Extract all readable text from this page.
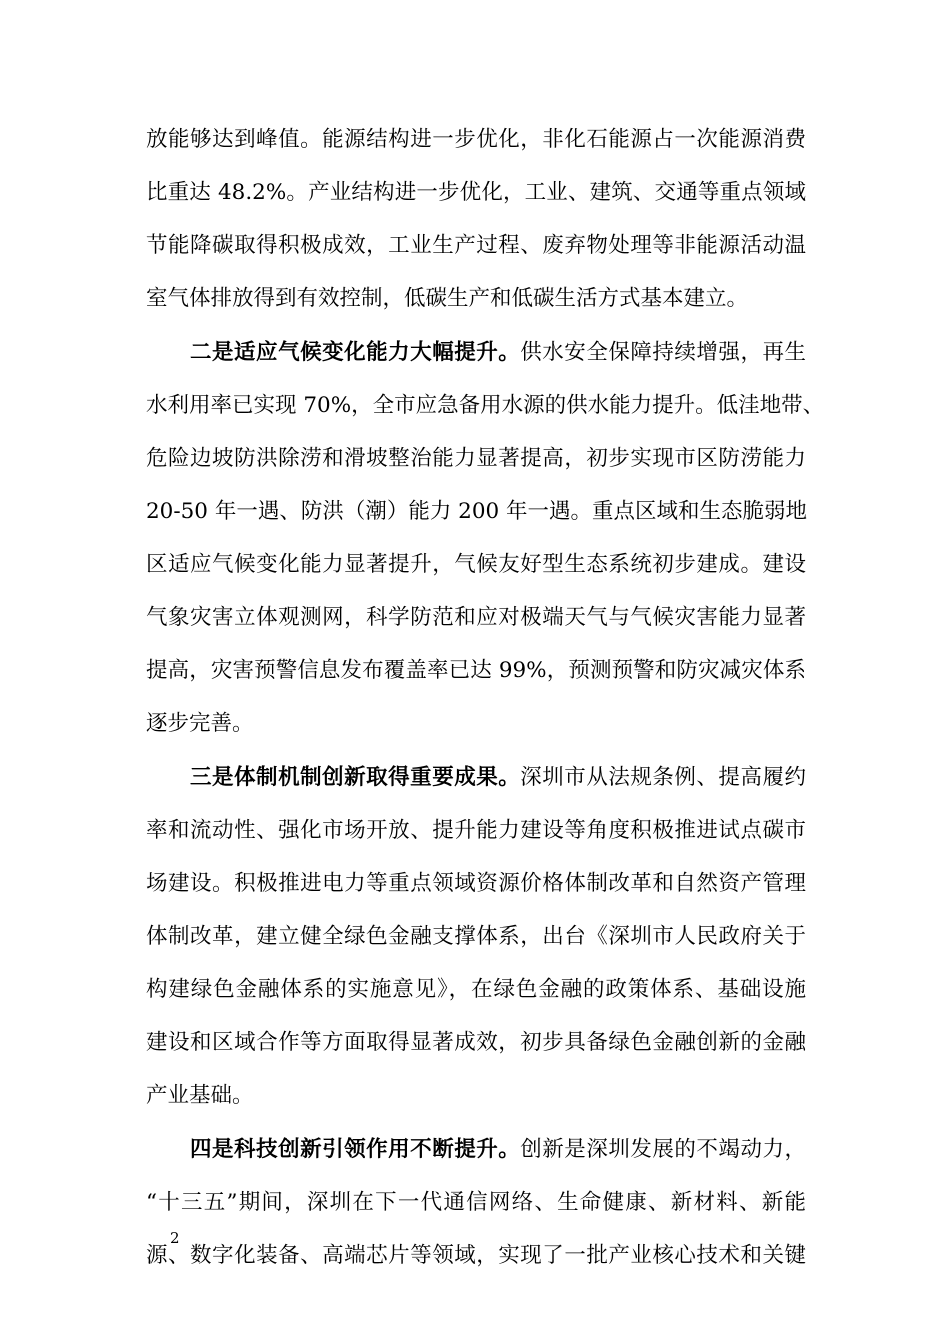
放能够达到峰值。能源结构进一步优化，非化石能源占一次能源消费
比重达 48.2%。产业结构进一步优化，工业、建筑、交通等重点领域
节能降碳取得积极成效，工业生产过程、废弃物处理等非能源活动温
室气体排放得到有效控制，低碳生产和低碳生活方式基本建立。
二是适应气候变化能力大幅提升。供水安全保障持续增强，再生
水利用率已实现 70%，全市应急备用水源的供水能力提升。低洼地带、
危险边坡防洪除涝和滑坡整治能力显著提高，初步实现市区防涝能力
20-50 年一遇、防洪（潮）能力 200 年一遇。重点区域和生态脆弱地
区适应气候变化能力显著提升，气候友好型生态系统初步建成。建设
气象灾害立体观测网，科学防范和应对极端天气与气候灾害能力显著
提高，灾害预警信息发布覆盖率已达 99%，预测预警和防灾减灾体系
逐步完善。
三是体制机制创新取得重要成果。深圳市从法规条例、提高履约
率和流动性、强化市场开放、提升能力建设等角度积极推进试点碳市
场建设。积极推进电力等重点领域资源价格体制改革和自然资产管理
体制改革，建立健全绿色金融支撑体系，出台《深圳市人民政府关于
构建绿色金融体系的实施意见》，在绿色金融的政策体系、基础设施
建设和区域合作等方面取得显著成效，初步具备绿色金融创新的金融
产业基础。
四是科技创新引领作用不断提升。创新是深圳发展的不竭动力，
“十三五”期间，深圳在下一代通信网络、生命健康、新材料、新能
源、数字化装备、高端芯片等领域，实现了一批产业核心技术和关键
2
